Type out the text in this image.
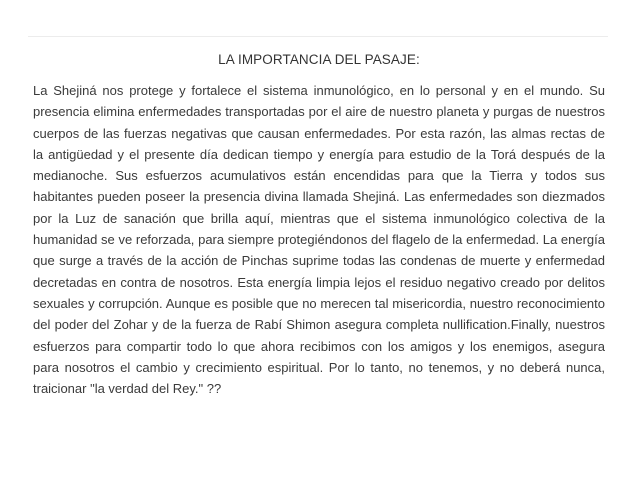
LA IMPORTANCIA DEL PASAJE:

La Shejiná nos protege y fortalece el sistema inmunológico, en lo personal y en el mundo. Su presencia elimina enfermedades transportadas por el aire de nuestro planeta y purgas de nuestros cuerpos de las fuerzas negativas que causan enfermedades. Por esta razón, las almas rectas de la antigüedad y el presente día dedican tiempo y energía para estudio de la Torá después de la medianoche. Sus esfuerzos acumulativos están encendidas para que la Tierra y todos sus habitantes pueden poseer la presencia divina llamada Shejiná. Las enfermedades son diezmados por la Luz de sanación que brilla aquí, mientras que el sistema inmunológico colectiva de la humanidad se ve reforzada, para siempre protegiéndonos del flagelo de la enfermedad. La energía que surge a través de la acción de Pinchas suprime todas las condenas de muerte y enfermedad decretadas en contra de nosotros. Esta energía limpia lejos el residuo negativo creado por delitos sexuales y corrupción. Aunque es posible que no merecen tal misericordia, nuestro reconocimiento del poder del Zohar y de la fuerza de Rabí Shimon asegura completa nullification.Finally, nuestros esfuerzos para compartir todo lo que ahora recibimos con los amigos y los enemigos, asegura para nosotros el cambio y crecimiento espiritual. Por lo tanto, no tenemos, y no deberá nunca, traicionar "la verdad del Rey." ??
